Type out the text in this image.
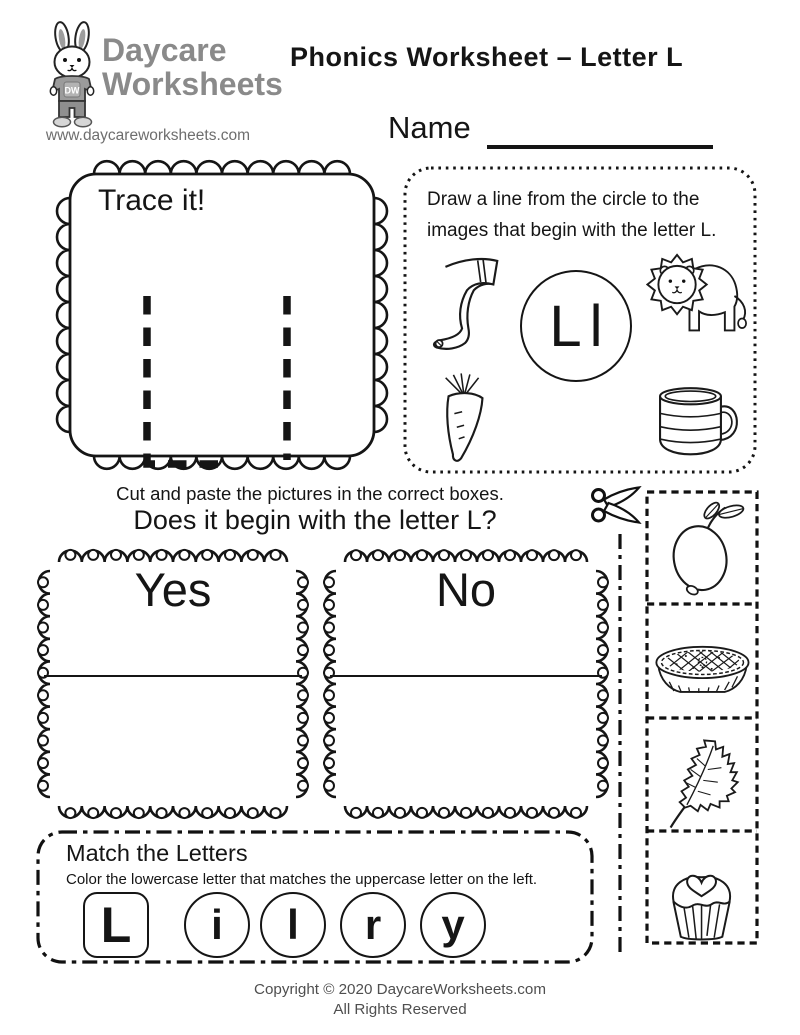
DW
Daycare
Worksheets
www.daycareworksheets.com
Phonics Worksheet – Letter L
Name
Trace it!	Draw a line from the circle to the
images that begin with the letter L.
Ll
Cut and paste the pictures in the correct boxes.
Does it begin with the letter L?
Yes	No
Match the Letters
Color the lowercase letter that matches the uppercase letter on the left.
L	i	l	r	y
Copyright © 2020 DaycareWorksheets.com
All Rights Reserved
